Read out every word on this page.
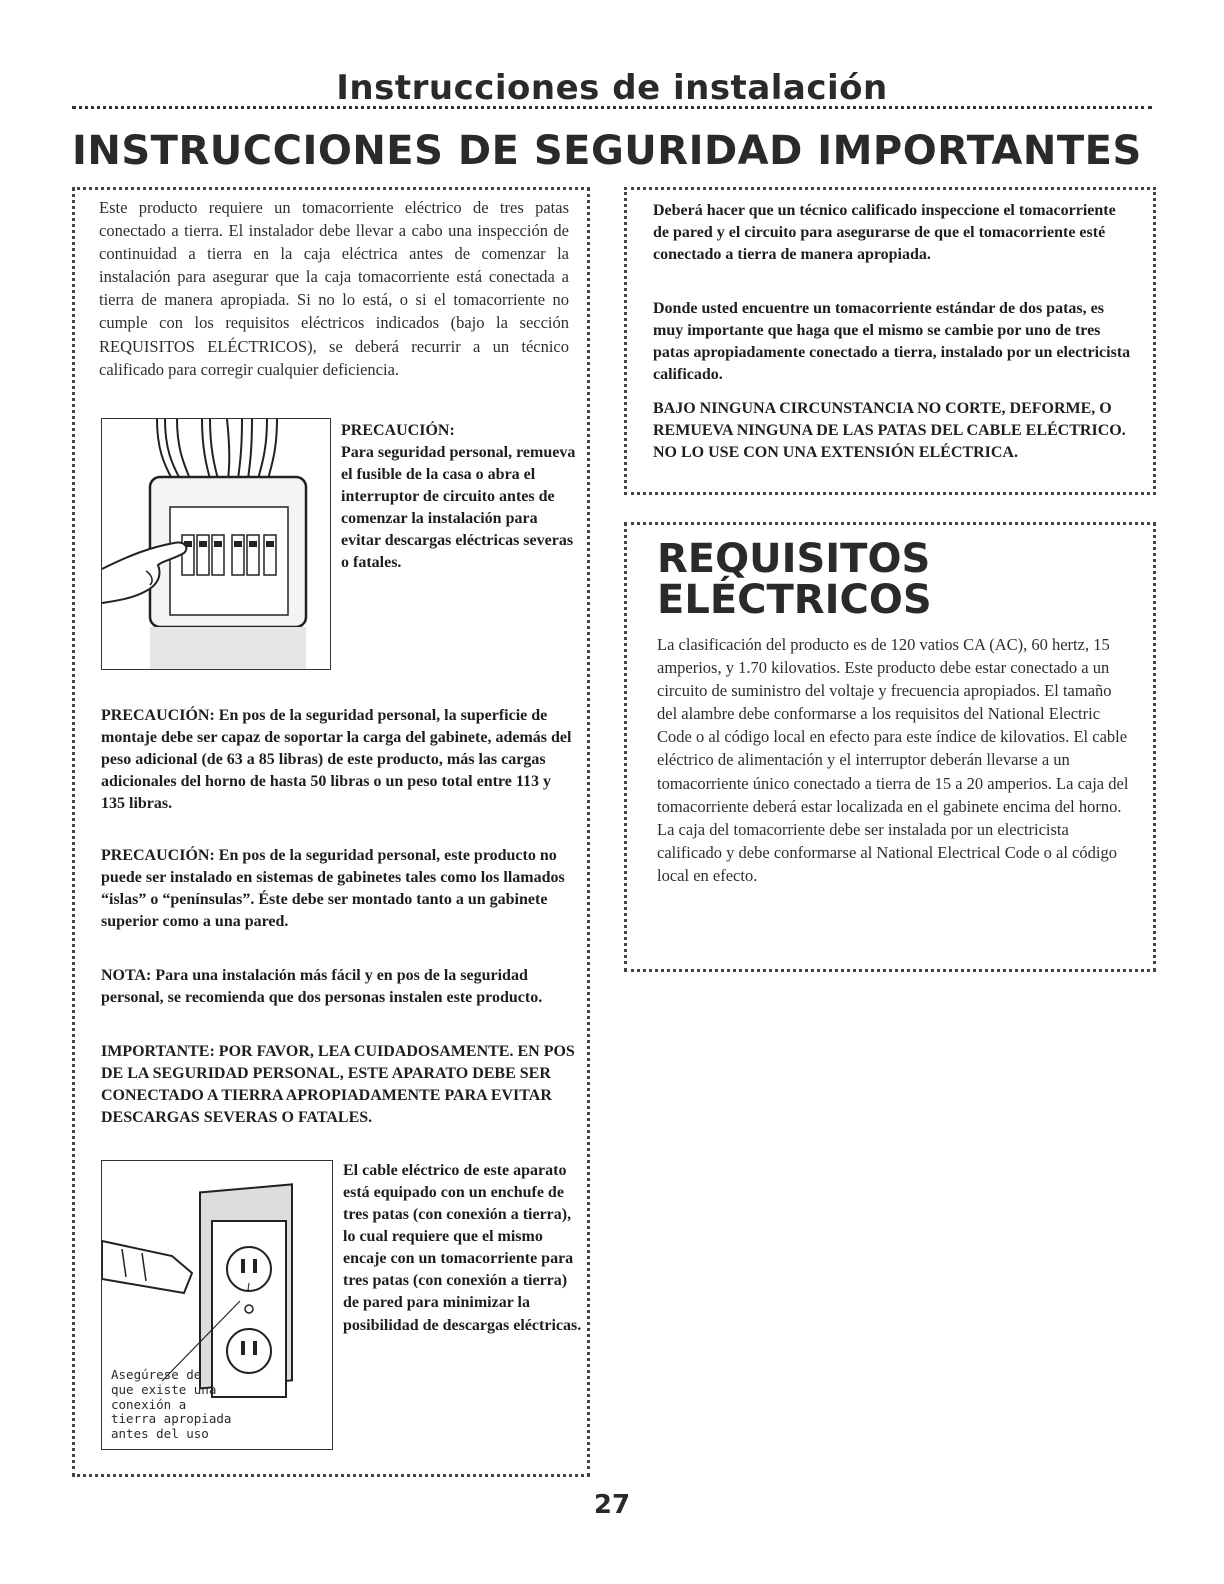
Instrucciones de instalación
INSTRUCCIONES DE SEGURIDAD IMPORTANTES
Este producto requiere un tomacorriente eléctrico de tres patas conectado a tierra. El instalador debe llevar a cabo una inspección de continuidad a tierra en la caja eléctrica antes de comenzar la instalación para asegurar que la caja tomacorriente está conectada a tierra de manera apropiada. Si no lo está, o si el tomacorriente no cumple con los requisitos eléctricos indicados (bajo la sección REQUISITOS ELÉCTRICOS), se deberá recurrir a un técnico calificado para corregir cualquier deficiencia.
PRECAUCIÓN:
Para seguridad personal, remueva el fusible de la casa o abra el interruptor de circuito antes de comenzar la instalación para evitar descargas eléctricas severas o fatales.
PRECAUCIÓN: En pos de la seguridad personal, la superficie de montaje debe ser capaz de soportar la carga del gabinete, además del peso adicional (de 63 a 85 libras) de este producto, más las cargas adicionales del horno de hasta 50 libras o un peso total entre 113 y 135 libras.
PRECAUCIÓN: En pos de la seguridad personal, este producto no puede ser instalado en sistemas de gabinetes tales como los llamados “islas” o “penínsulas”. Éste debe ser montado tanto a un gabinete superior como a una pared.
NOTA: Para una instalación más fácil y en pos de la seguridad personal, se recomienda que dos personas instalen este producto.
IMPORTANTE: POR FAVOR, LEA CUIDADOSAMENTE. EN POS DE LA SEGURIDAD PERSONAL, ESTE APARATO DEBE SER CONECTADO A TIERRA APROPIADAMENTE PARA EVITAR DESCARGAS SEVERAS O FATALES.
Asegúrese de
que existe una
conexión a
tierra apropiada
antes del uso
El cable eléctrico de este aparato está equipado con un enchufe de tres patas (con conexión a tierra), lo cual requiere que el mismo encaje con un tomacorriente para tres patas (con conexión a tierra) de pared para minimizar la posibilidad de descargas eléctricas.
Deberá hacer que un técnico calificado inspeccione el tomacorriente de pared y el circuito para asegurarse de que el tomacorriente esté conectado a tierra de manera apropiada.
Donde usted encuentre un tomacorriente estándar de dos patas, es muy importante que haga que el mismo se cambie por uno de tres patas apropiadamente conectado a tierra, instalado por un electricista calificado.
BAJO NINGUNA CIRCUNSTANCIA NO CORTE, DEFORME, O REMUEVA NINGUNA DE LAS PATAS DEL CABLE ELÉCTRICO. NO LO USE CON UNA EXTENSIÓN ELÉCTRICA.
REQUISITOS
ELÉCTRICOS
La clasificación del producto es de 120 vatios CA (AC), 60 hertz, 15 amperios, y 1.70 kilovatios. Este producto debe estar conectado a un circuito de suministro del voltaje y frecuencia apropiados. El tamaño del alambre debe conformarse a los requisitos del National Electric Code o al código local en efecto para este índice de kilovatios. El cable eléctrico de alimentación y el interruptor deberán llevarse a un tomacorriente único conectado a tierra de 15 a 20 amperios. La caja del tomacorriente deberá estar localizada en el gabinete encima del horno. La caja del tomacorriente debe ser instalada por un electricista calificado y debe conformarse al National Electrical Code o al código local en efecto.
27
